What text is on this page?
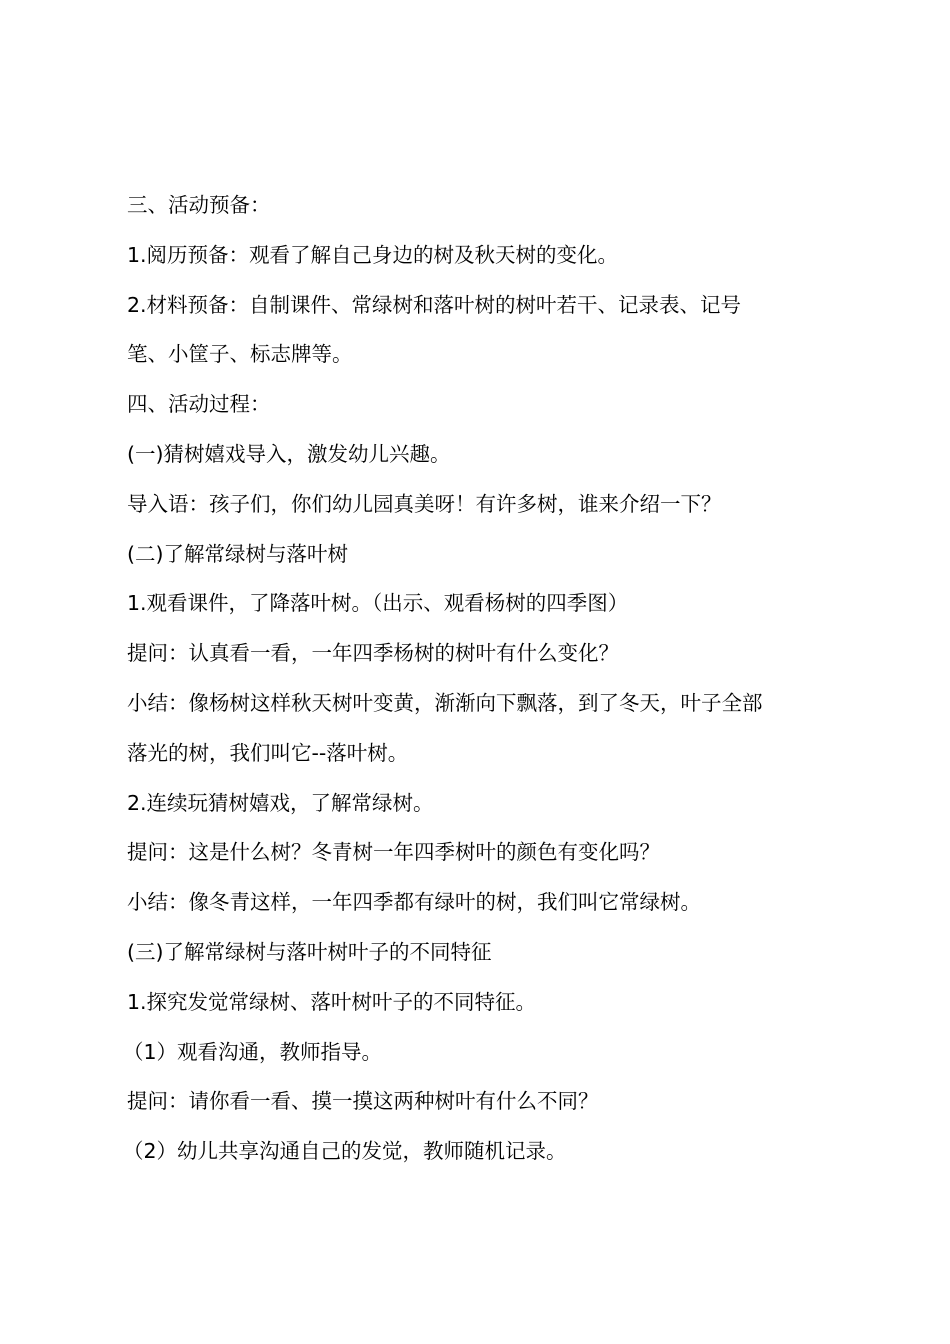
三、活动预备：
1.阅历预备：观看了解自己身边的树及秋天树的变化。
2.材料预备：自制课件、常绿树和落叶树的树叶若干、记录表、记号
笔、小筐子、标志牌等。
四、活动过程：
(一)猜树嬉戏导入，激发幼儿兴趣。
导入语：孩子们，你们幼儿园真美呀！有许多树，谁来介绍一下？
(二)了解常绿树与落叶树
1.观看课件，了降落叶树。（出示、观看杨树的四季图）
提问：认真看一看，一年四季杨树的树叶有什么变化？
小结：像杨树这样秋天树叶变黄，渐渐向下飘落，到了冬天，叶子全部
落光的树，我们叫它--落叶树。
2.连续玩猜树嬉戏，了解常绿树。
提问：这是什么树？冬青树一年四季树叶的颜色有变化吗？
小结：像冬青这样，一年四季都有绿叶的树，我们叫它常绿树。
(三)了解常绿树与落叶树叶子的不同特征
1.探究发觉常绿树、落叶树叶子的不同特征。
（1）观看沟通，教师指导。
提问：请你看一看、摸一摸这两种树叶有什么不同？
（2）幼儿共享沟通自己的发觉，教师随机记录。
